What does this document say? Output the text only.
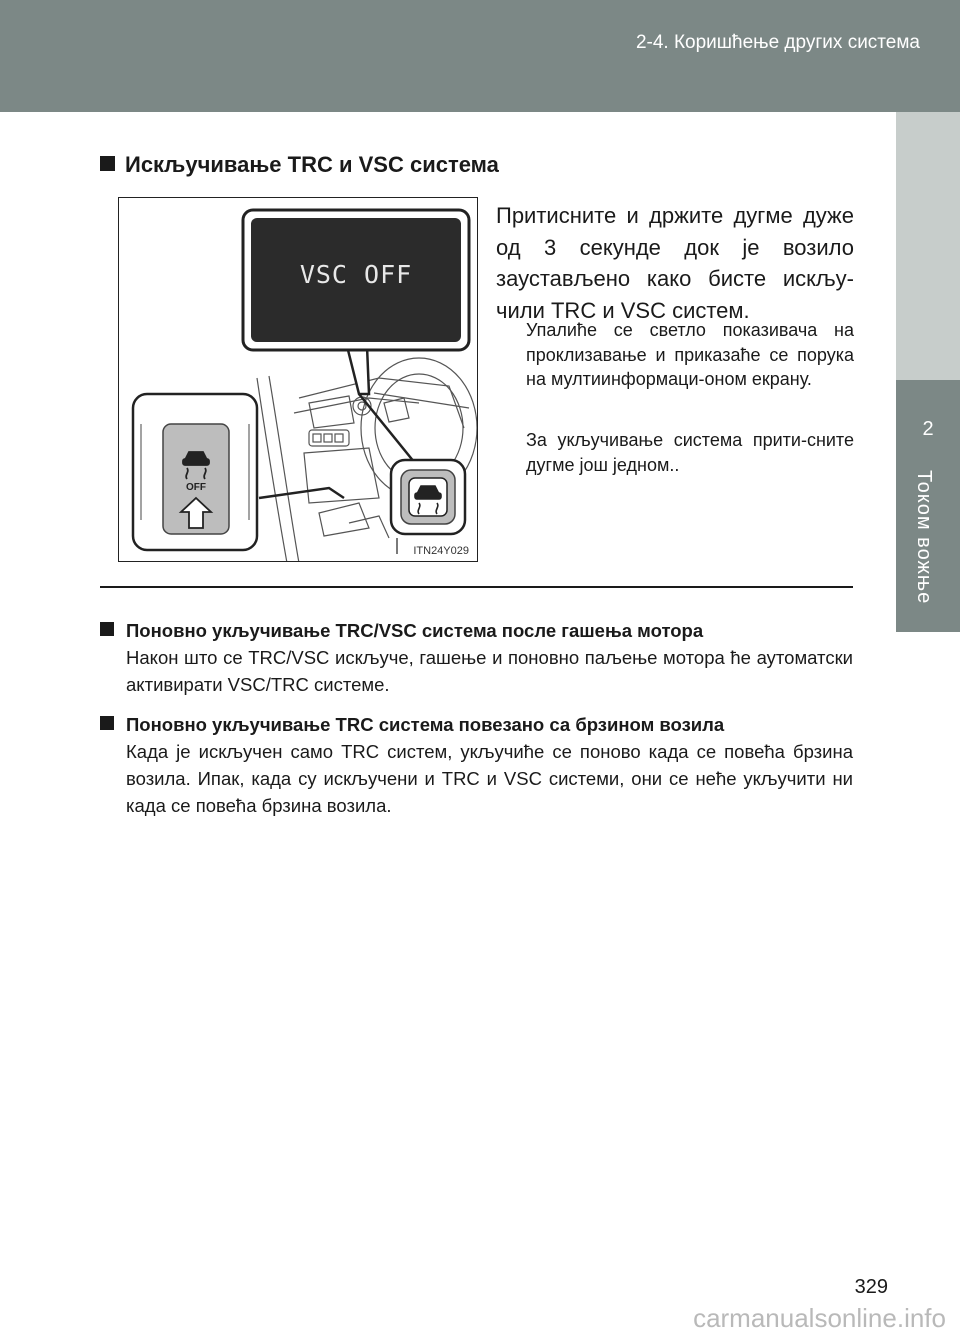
2-4. Коришћење других система
2
Током вожње
Искључивање TRC и VSC система
OFF
VSC OFF
ITN24Y029
Притисните и држите дугме дуже од 3 секунде док је возило заустављено како бисте искљу-чили TRC и VSC систем.
Упалиће се светло показивача на проклизавање и приказаће се порука на мултиинформаци-оном екрану.
За укључивање система прити-сните дугме још једном..
Поновно укључивање TRC/VSC система после гашења мотора
Након што се TRC/VSC искључе, гашење и поновно паљење мотора ће аутоматски активирати VSC/TRC системе.
Поновно укључивање TRC система повезано са брзином возила
Када је искључен само TRC систем, укључиће се поново када се повећа брзина возила. Ипак, када су искључени и TRC и VSC системи, они се неће укључити ни када се повећа брзина возила.
329
carmanualsonline.info
